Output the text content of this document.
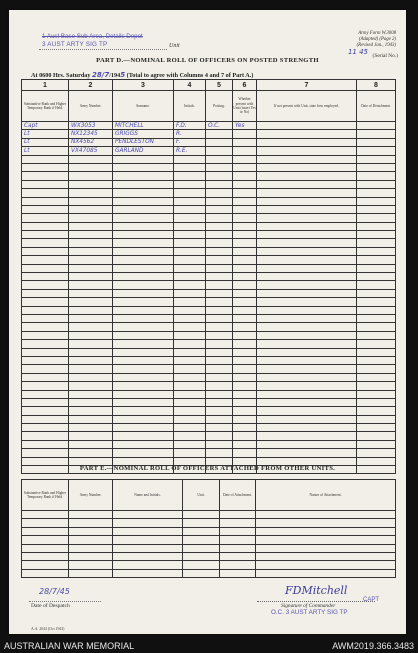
1 Aust Base Sub Area, Details Depot
3 AUST ARTY SIG TP	Unit
Army Form W.3008
(Adapted) (Page 2)
(Revised Jan., 1943)
11 45 (Serial No.)
PART D.—NOMINAL ROLL OF OFFICERS ON POSTED STRENGTH
At 0600 Hrs. Saturday 28/7/1945 (Total to agree with Columns 4 and 7 of Part A.)
1	2	3	4	5	6	7	8
Substantive Rank and Higher Temporary Rank if Held.	Army Number.	Surname.	Initials.	Posting.	Whether present with Unit (insert Yes or No)	If not present with Unit, state how employed.	Date of Detachment.
Capt	WX3053	MITCHELL	F.D.	O.C.	Yes		
Lt	NX12345	GRIGGS	R.				
Lt	NX4562	PENDLESTON	F.				
Lt	VX47085	GARLAND	R.E.				

PART E.—NOMINAL ROLL OF OFFICERS ATTACHED FROM OTHER UNITS.
Substantive Rank and Higher Temporary Rank if Held.	Army Number.	Name and Initials.	Unit.	Date of Attachment.	Nature of Attachment.

28/7/45
Date of Despatch
FDMitchell
CAPT
Signature of Commander
O.C. 3 AUST ARTY SIG TP
A.A. 2044 (Oct 1943)
AUSTRALIAN WAR MEMORIAL	AWM2019.366.3483
